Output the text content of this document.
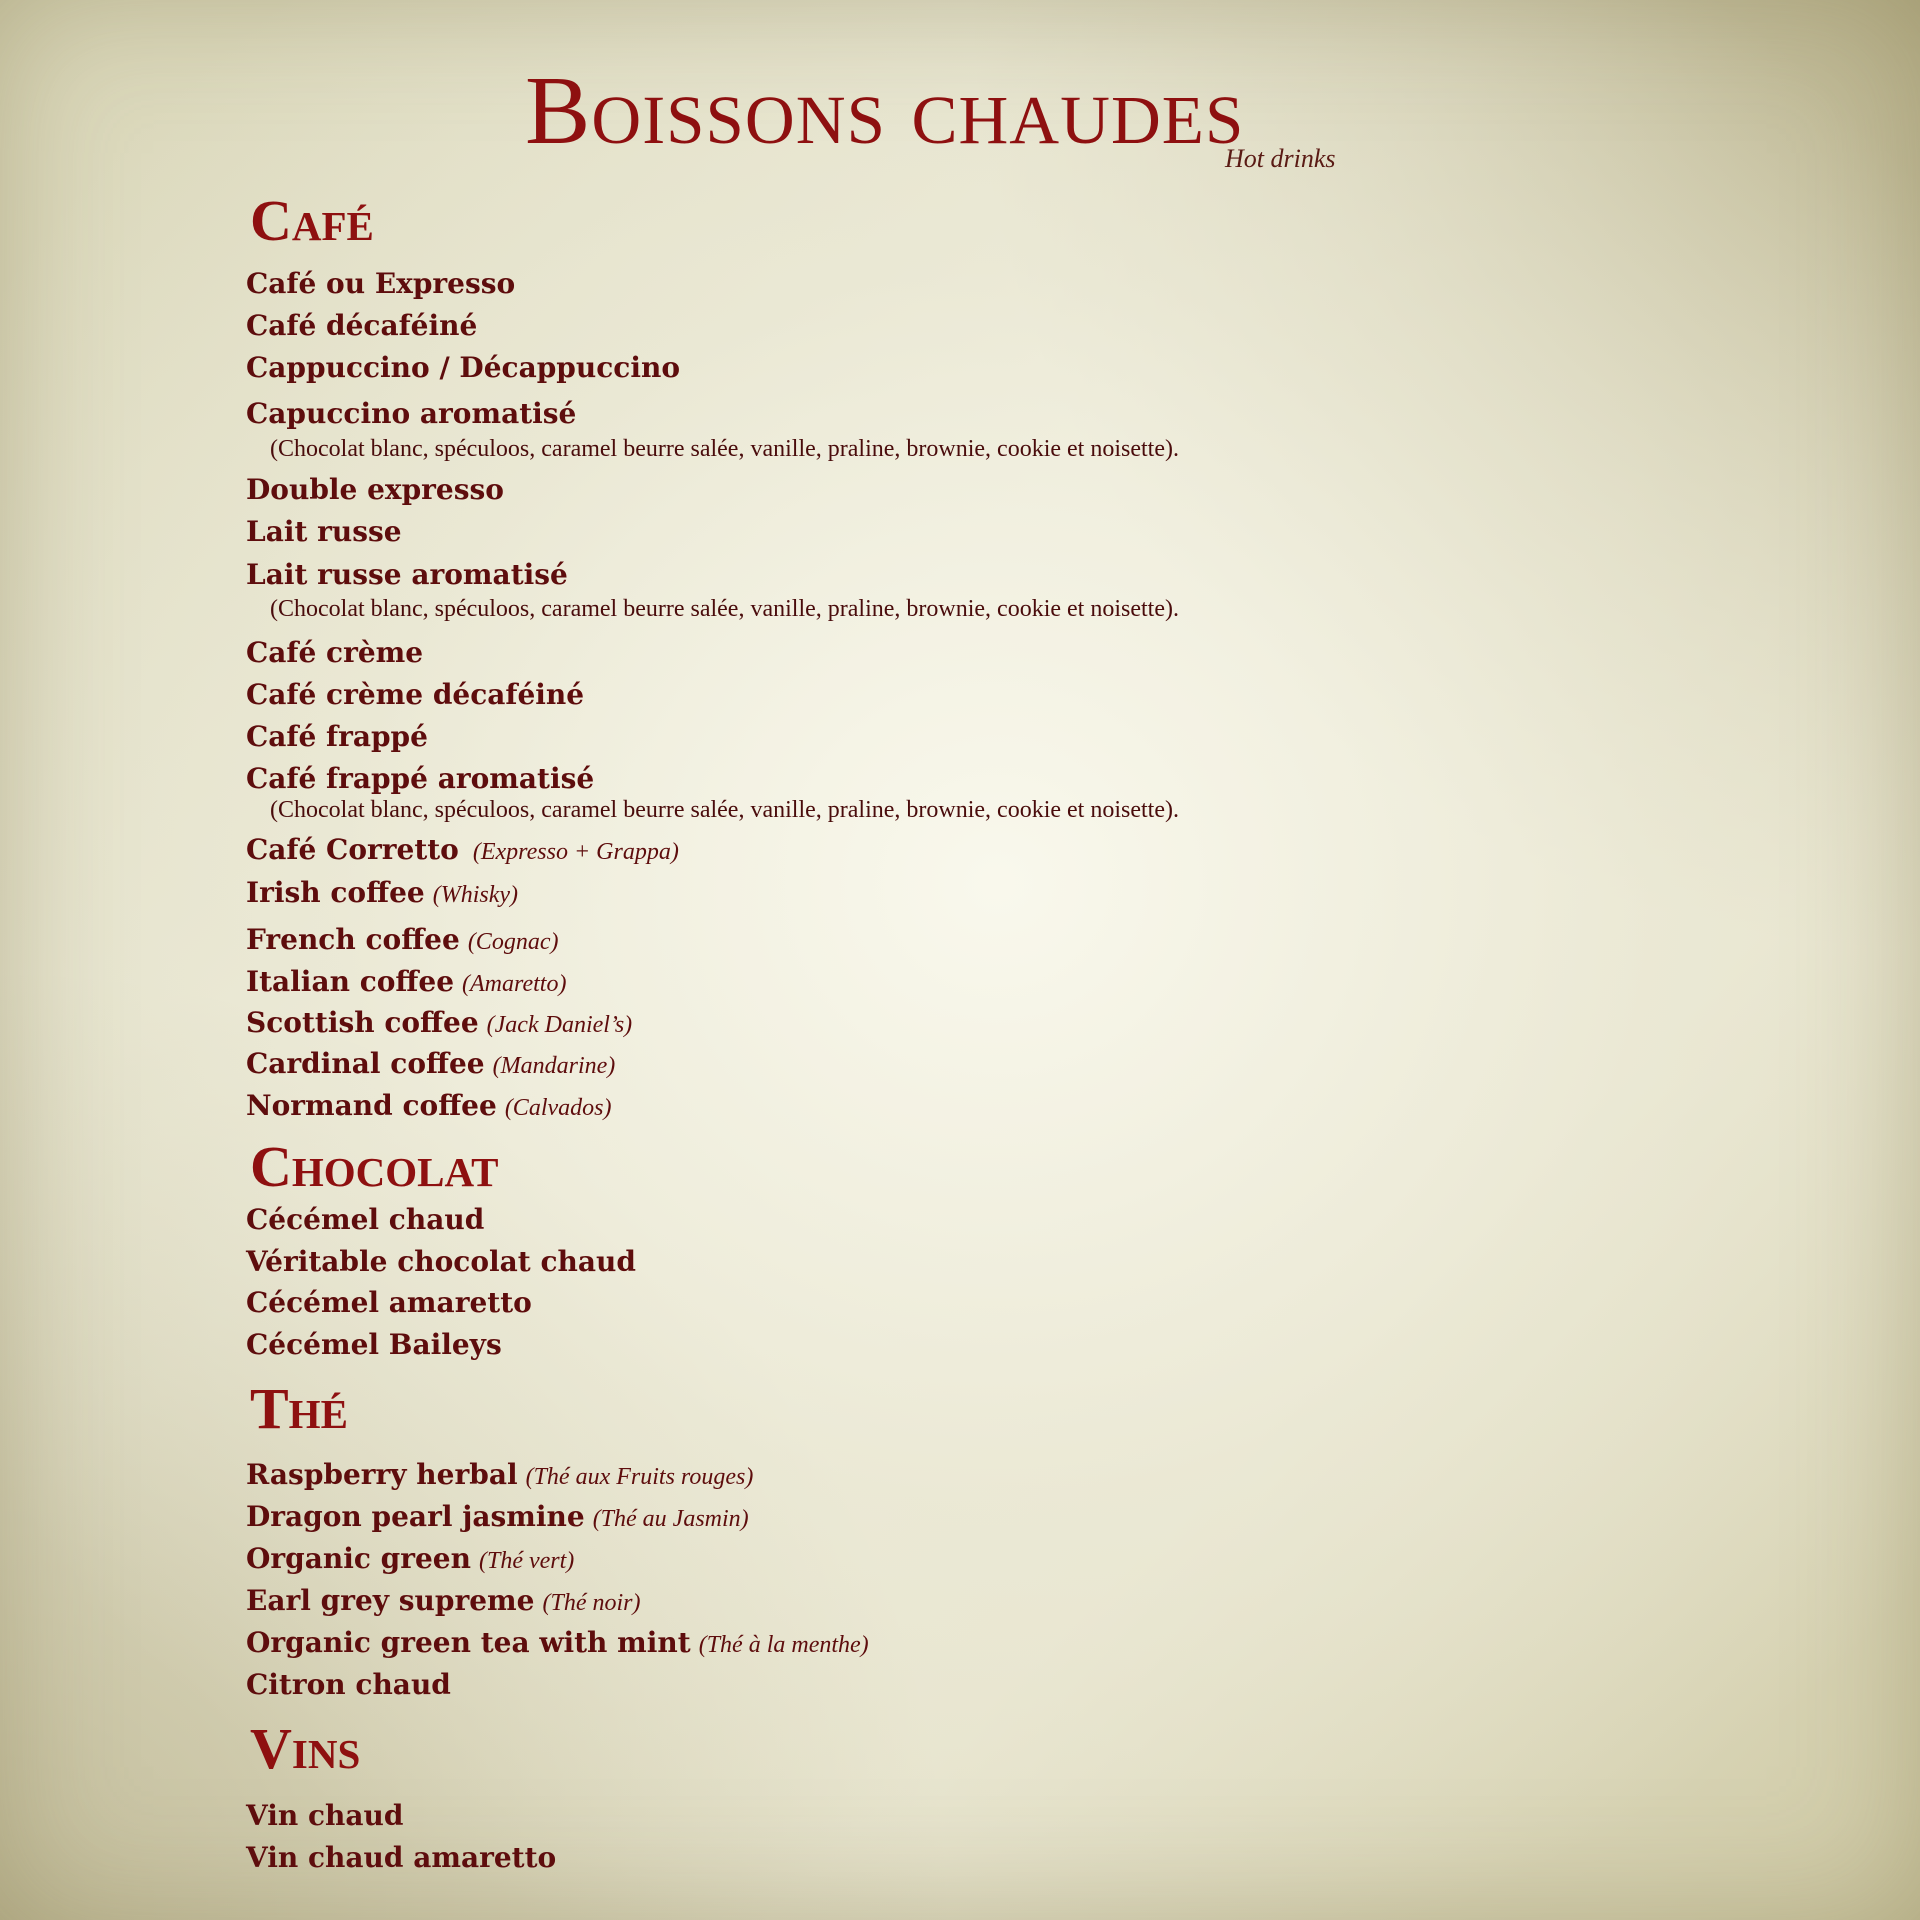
Boissons chaudes
Hot drinks
Café
Café ou Expresso
Café décaféiné
Cappuccino / Décappuccino
Capuccino aromatisé
(Chocolat blanc, spéculoos, caramel beurre salée, vanille, praline, brownie, cookie et noisette).
Double expresso
Lait russe
Lait russe aromatisé
(Chocolat blanc, spéculoos, caramel beurre salée, vanille, praline, brownie, cookie et noisette).
Café crème
Café crème décaféiné
Café frappé
Café frappé aromatisé
(Chocolat blanc, spéculoos, caramel beurre salée, vanille, praline, brownie, cookie et noisette).
Café Corretto (Expresso + Grappa)
Irish coffee (Whisky)
French coffee (Cognac)
Italian coffee (Amaretto)
Scottish coffee (Jack Daniel’s)
Cardinal coffee (Mandarine)
Normand coffee (Calvados)
Chocolat
Cécémel chaud
Véritable chocolat chaud
Cécémel amaretto
Cécémel Baileys
Thé
Raspberry herbal (Thé aux Fruits rouges)
Dragon pearl jasmine (Thé au Jasmin)
Organic green (Thé vert)
Earl grey supreme (Thé noir)
Organic green tea with mint (Thé à la menthe)
Citron chaud
Vins
Vin chaud
Vin chaud amaretto
